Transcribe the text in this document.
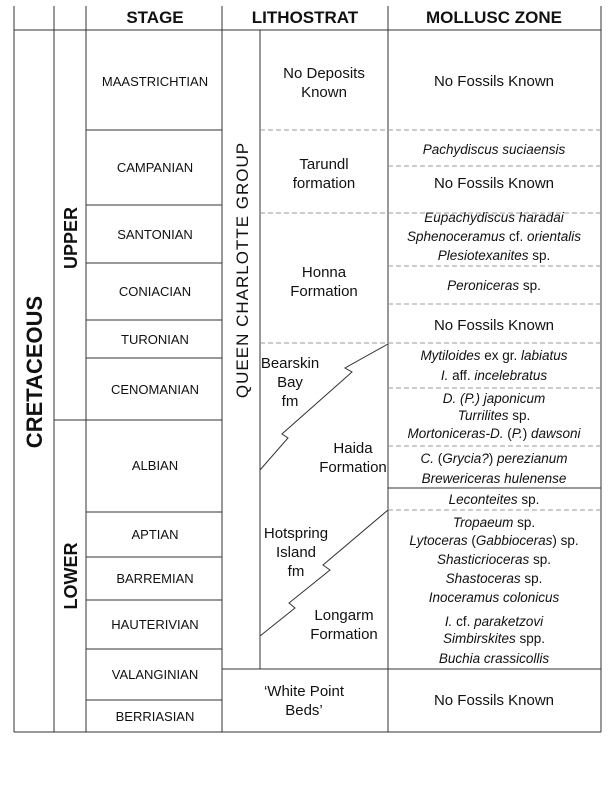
STAGE	LITHOSTRAT	MOLLUSC ZONE
CRETACEOUS
UPPER
LOWER
QUEEN CHARLOTTE GROUP
MAASTRICHTIAN
CAMPANIAN
SANTONIAN
CONIACIAN
TURONIAN
CENOMANIAN
ALBIAN
APTIAN
BARREMIAN
HAUTERIVIAN
VALANGINIAN
BERRIASIAN
No Deposits
Known
Tarundl
formation
Honna
Formation
Bearskin
Bay
fm
Haida
Formation
Hotspring
Island
fm
Longarm
Formation
‘White Point
Beds’
No Fossils Known
Pachydiscus suciaensis
No Fossils Known
Eupachydiscus haradai
Sphenoceramus cf. orientalis
Plesiotexanites sp.
Peroniceras sp.
No Fossils Known
Mytiloides ex gr. labiatus
I. aff. incelebratus
D. (P.) japonicum
Turrilites sp.
Mortoniceras-D. (P.) dawsoni
C. (Grycia?) perezianum
Brewericeras hulenense
Leconteites sp.
Tropaeum sp.
Lytoceras (Gabbioceras) sp.
Shasticrioceras sp.
Shastoceras sp.
Inoceramus colonicus
I. cf. paraketzovi
Simbirskites spp.
Buchia crassicollis
No Fossils Known
